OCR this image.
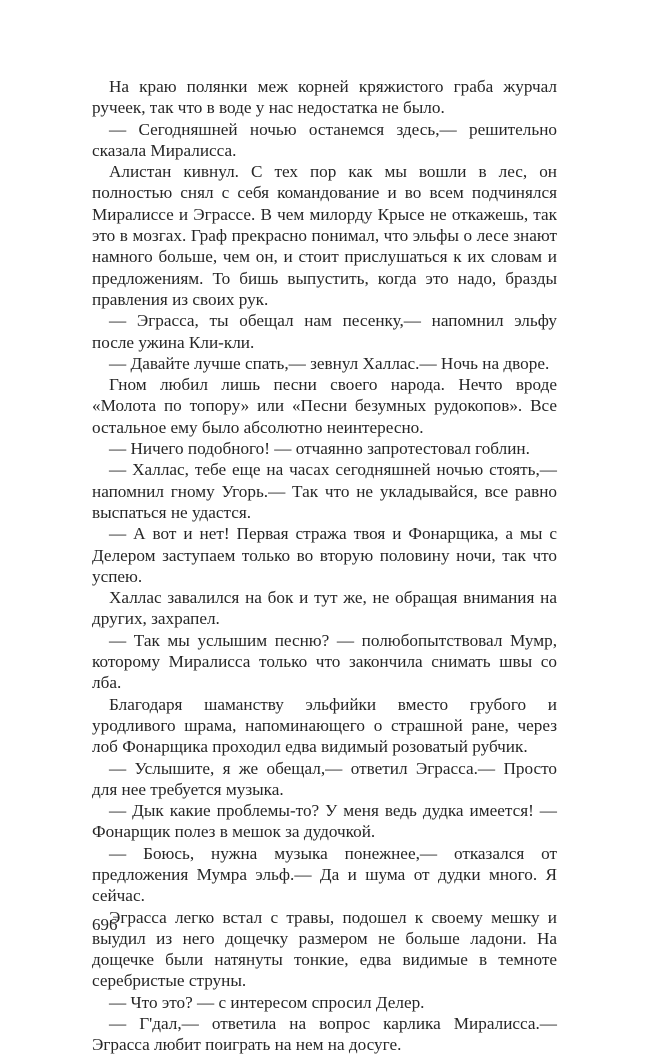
На краю полянки меж корней кряжистого граба журчал ручеек, так что в воде у нас недостатка не было.

— Сегодняшней ночью останемся здесь,— решительно сказала Миралисса.

Алистан кивнул. С тех пор как мы вошли в лес, он полностью снял с себя командование и во всем подчинялся Миралиссе и Эграссе. В чем милорду Крысе не откажешь, так это в мозгах. Граф прекрасно понимал, что эльфы о лесе знают намного больше, чем он, и стоит прислушаться к их словам и предложениям. То бишь выпустить, когда это надо, бразды правления из своих рук.

— Эграсса, ты обещал нам песенку,— напомнил эльфу после ужина Кли-кли.

— Давайте лучше спать,— зевнул Халлас.— Ночь на дворе.

Гном любил лишь песни своего народа. Нечто вроде «Молота по топору» или «Песни безумных рудокопов». Все остальное ему было абсолютно неинтересно.

— Ничего подобного! — отчаянно запротестовал гоблин.

— Халлас, тебе еще на часах сегодняшней ночью стоять,— напомнил гному Угорь.— Так что не укладывайся, все равно выспаться не удастся.

— А вот и нет! Первая стража твоя и Фонарщика, а мы с Делером заступаем только во вторую половину ночи, так что успею.

Халлас завалился на бок и тут же, не обращая внимания на других, захрапел.

— Так мы услышим песню? — полюбопытствовал Мумр, которому Миралисса только что закончила снимать швы со лба.

Благодаря шаманству эльфийки вместо грубого и уродливого шрама, напоминающего о страшной ране, через лоб Фонарщика проходил едва видимый розоватый рубчик.

— Услышите, я же обещал,— ответил Эграсса.— Просто для нее требуется музыка.

— Дык какие проблемы-то? У меня ведь дудка имеется! — Фонарщик полез в мешок за дудочкой.

— Боюсь, нужна музыка понежнее,— отказался от предложения Мумра эльф.— Да и шума от дудки много. Я сейчас.

Эграсса легко встал с травы, подошел к своему мешку и выудил из него дощечку размером не больше ладони. На дощечке были натянуты тонкие, едва видимые в темноте серебристые струны.

— Что это? — с интересом спросил Делер.

— Г'дал,— ответила на вопрос карлика Миралисса.— Эграсса любит поиграть на нем на досуге.

696
